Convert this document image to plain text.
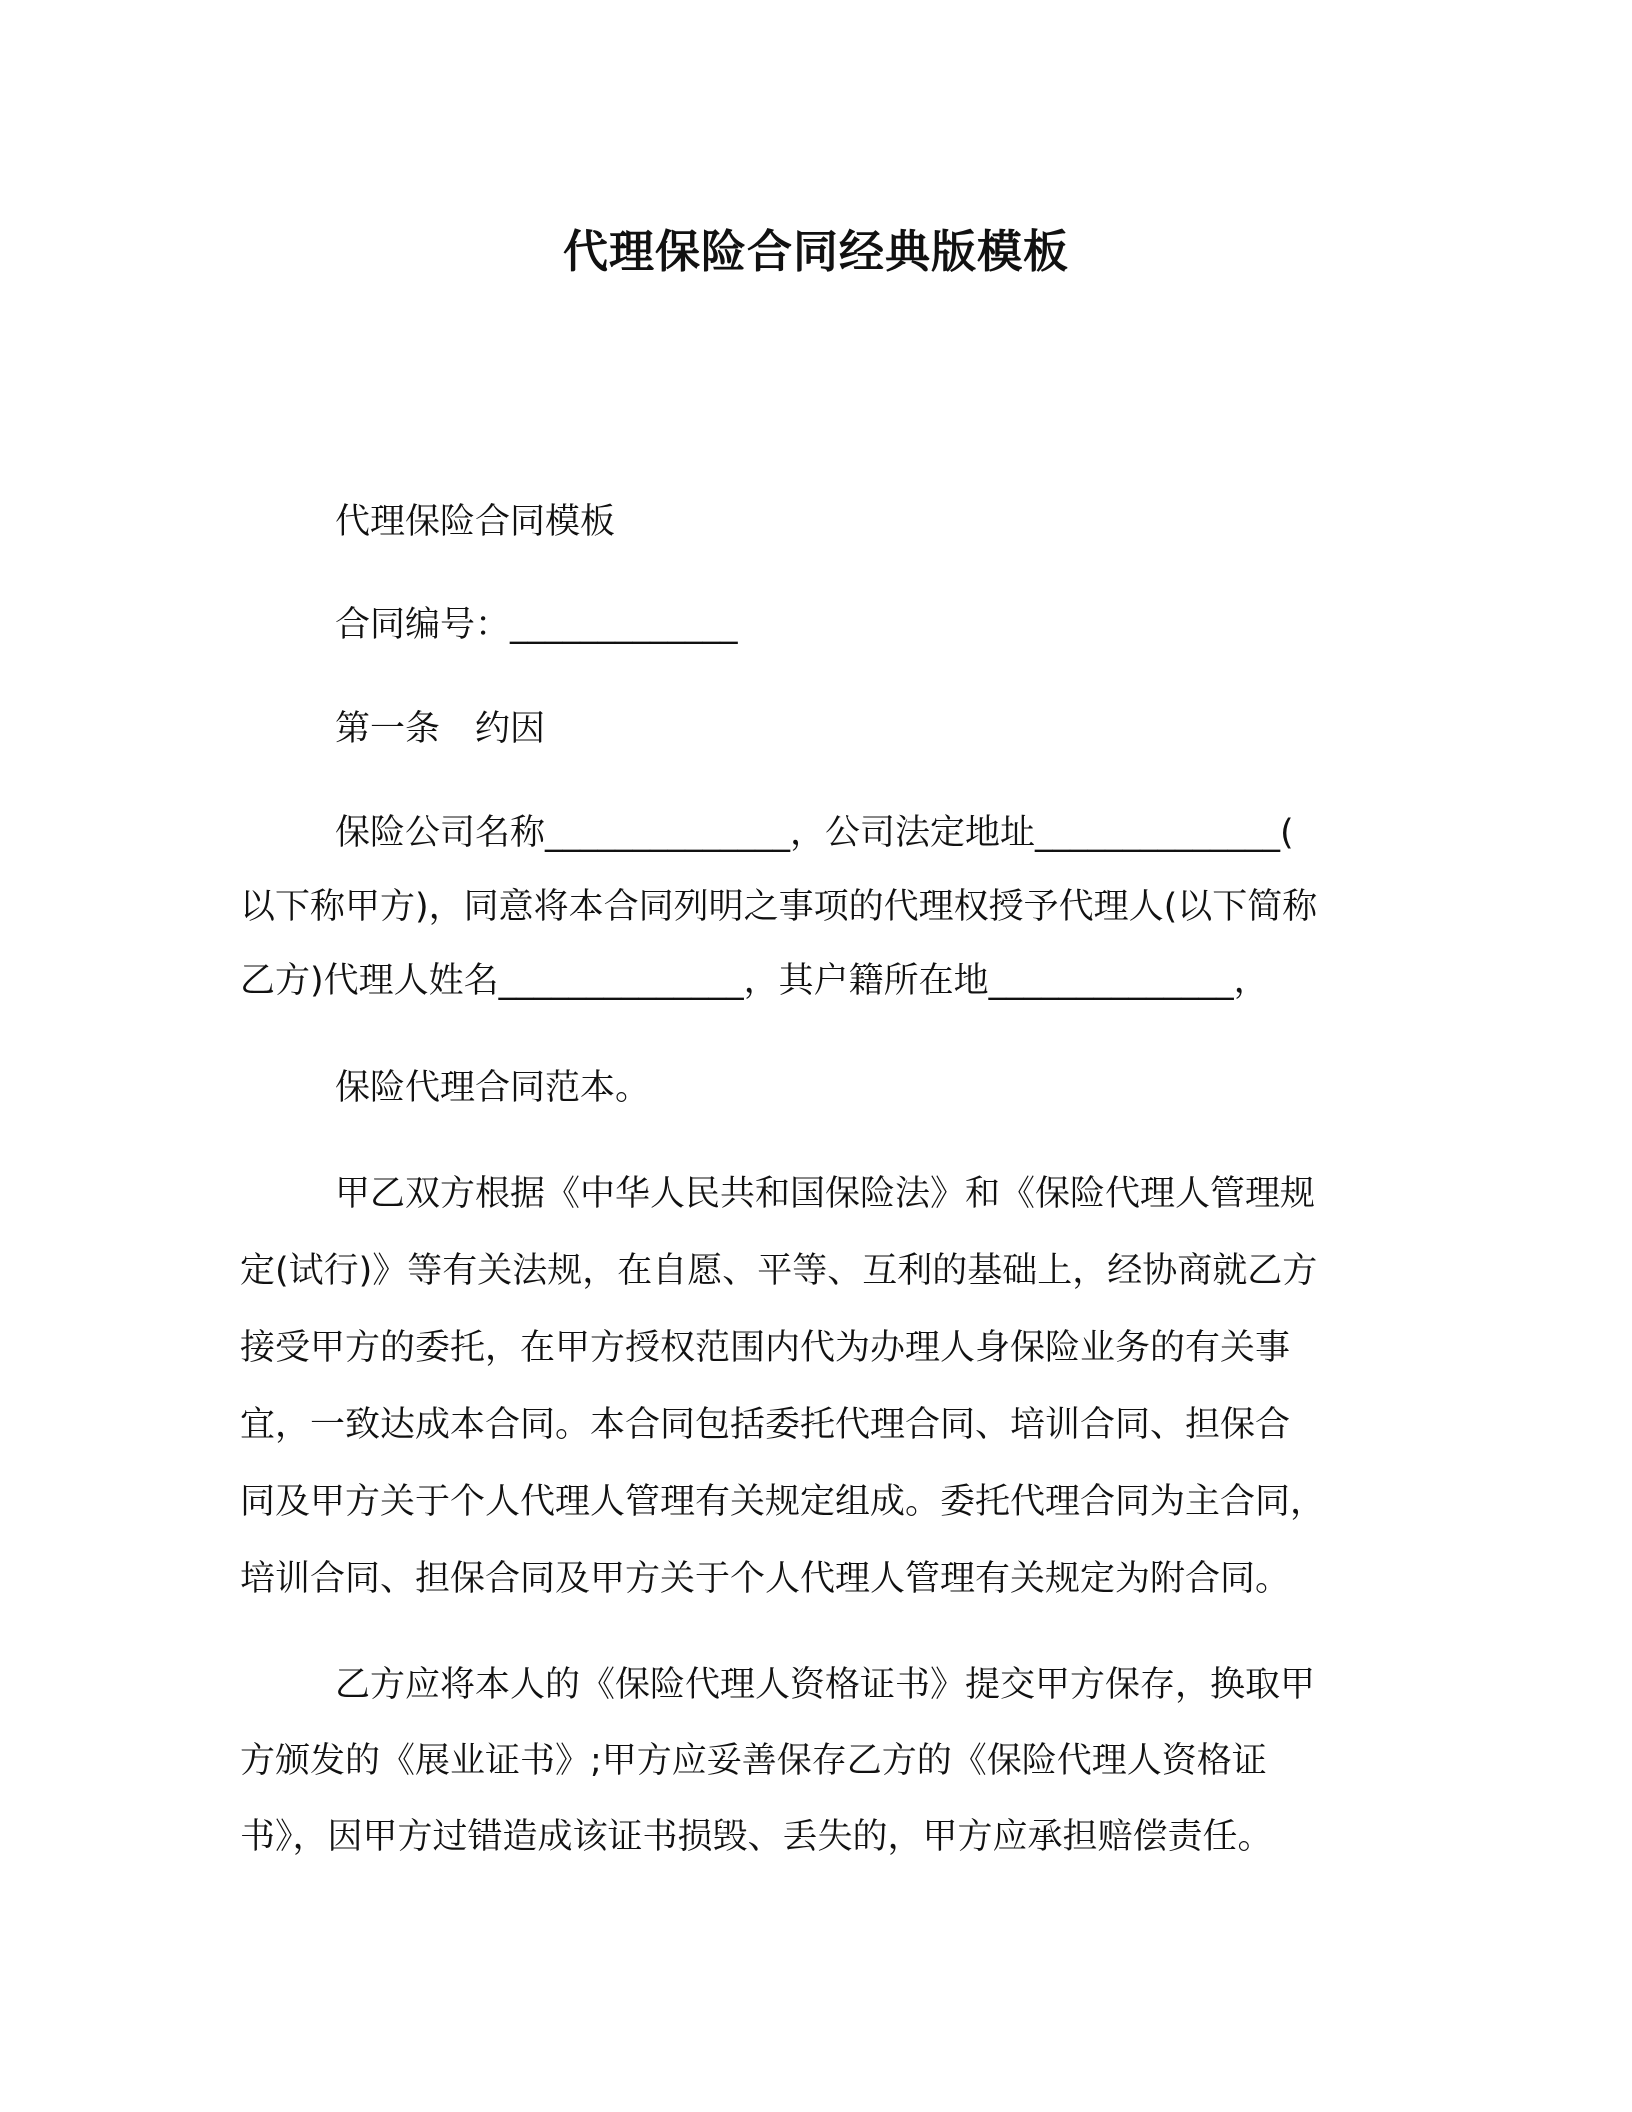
代理保险合同经典版模板
代理保险合同模板
合同编号：_____________
第一条　约因
保险公司名称______________，公司法定地址______________(
以下称甲方)，同意将本合同列明之事项的代理权授予代理人(以下简称
乙方)代理人姓名______________，其户籍所在地______________，
保险代理合同范本。
甲乙双方根据《中华人民共和国保险法》和《保险代理人管理规
定(试行)》等有关法规，在自愿、平等、互利的基础上，经协商就乙方
接受甲方的委托，在甲方授权范围内代为办理人身保险业务的有关事
宜，一致达成本合同。本合同包括委托代理合同、培训合同、担保合
同及甲方关于个人代理人管理有关规定组成。委托代理合同为主合同，
培训合同、担保合同及甲方关于个人代理人管理有关规定为附合同。
乙方应将本人的《保险代理人资格证书》提交甲方保存，换取甲
方颁发的《展业证书》;甲方应妥善保存乙方的《保险代理人资格证
书》，因甲方过错造成该证书损毁、丢失的，甲方应承担赔偿责任。
